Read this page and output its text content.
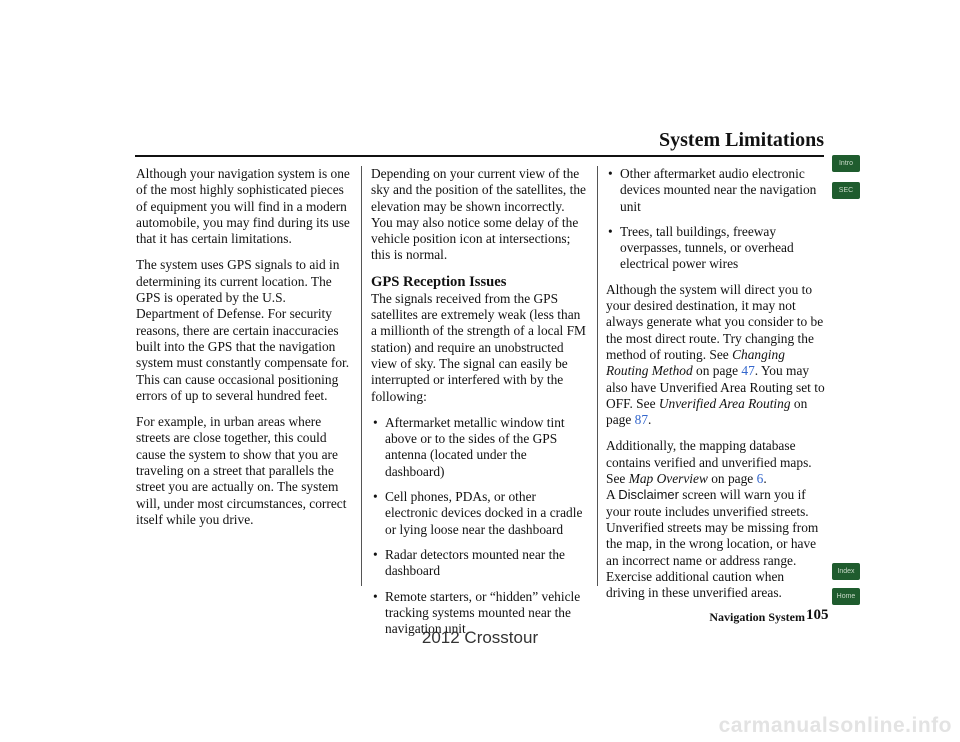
System Limitations

Although your navigation system is one of the most highly sophisticated pieces of equipment you will find in a modern automobile, you may find during its use that it has certain limitations.

The system uses GPS signals to aid in determining its current location. The GPS is operated by the U.S. Department of Defense. For security reasons, there are certain inaccuracies built into the GPS that the navigation system must constantly compensate for. This can cause occasional positioning errors of up to several hundred feet.

For example, in urban areas where streets are close together, this could cause the system to show that you are traveling on a street that parallels the street you are actually on. The system will, under most circumstances, correct itself while you drive.

Depending on your current view of the sky and the position of the satellites, the elevation may be shown incorrectly. You may also notice some delay of the vehicle position icon at intersections; this is normal.

GPS Reception Issues

The signals received from the GPS satellites are extremely weak (less than a millionth of the strength of a local FM station) and require an unobstructed view of sky. The signal can easily be interrupted or interfered with by the following:

• Aftermarket metallic window tint above or to the sides of the GPS antenna (located under the dashboard)
• Cell phones, PDAs, or other electronic devices docked in a cradle or lying loose near the dashboard
• Radar detectors mounted near the dashboard
• Remote starters, or “hidden” vehicle tracking systems mounted near the navigation unit
• Other aftermarket audio electronic devices mounted near the navigation unit
• Trees, tall buildings, freeway overpasses, tunnels, or overhead electrical power wires

Although the system will direct you to your desired destination, it may not always generate what you consider to be the most direct route. Try changing the method of routing. See Changing Routing Method on page 47. You may also have Unverified Area Routing set to OFF. See Unverified Area Routing on page 87.

Additionally, the mapping database contains verified and unverified maps. See Map Overview on page 6.
A Disclaimer screen will warn you if your route includes unverified streets. Unverified streets may be missing from the map, in the wrong location, or have an incorrect name or address range. Exercise additional caution when driving in these unverified areas.

Intro
SEC
Index
Home
Navigation System 105
2012 Crosstour
carmanualsonline.info
